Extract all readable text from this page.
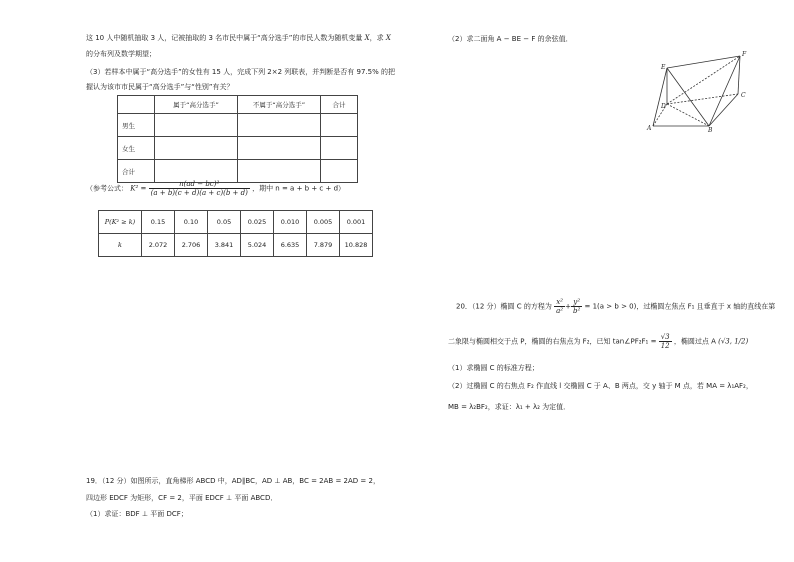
这 10 人中随机抽取 3 人，记被抽取的 3 名市民中属于“高分选手”的市民人数为随机变量 X，求 X
的分布列及数学期望；
（3）若样本中属于“高分选手”的女性有 15 人，完成下列 2×2 列联表，并判断是否有 97.5% 的把
握认为该市市民属于“高分选手”与“性别”有关？
	属于“高分选手”	不属于“高分选手”	合计
男生			
女生			
合计			
（参考公式： $K^2 = \frac{\text{n(ad − bc)²}}{(a + b)(c + d)(a + c)(b + d)}$ ，期中 n = a + b + c + d）
P(K² ≥ k)	0.15	0.10	0.05	0.025	0.010	0.005	0.001
k	2.072	2.706	3.841	5.024	6.635	7.879	10.828
19．（12 分）如图所示，直角梯形 ABCD 中，AD∥BC，AD ⊥ AB，BC = 2AB = 2AD = 2，
四边形 EDCF 为矩形，CF = 2，平面 EDCF ⊥ 平面 ABCD．
（1）求证：BDF ⊥ 平面 DCF；
（2）求二面角 A − BE − F 的余弦值．
E
F
C
D
A	B
20．（12 分）椭圆 C 的方程为 $\frac{\text{x²}}{\text{a²}} + \frac{\text{y²}}{\text{b²}} = 1(a > b > 0)$，过椭圆左焦点 F₁ 且垂直于 x 轴的直线在第
二象限与椭圆相交于点 P，椭圆的右焦点为 F₂，已知 tan∠PF₂F₁ = $\frac{√3}{12}$ ，椭圆过点 A (√3, 1/2)
（1）求椭圆 C 的标准方程；
（2）过椭圆 C 的右焦点 F₂ 作直线 l 交椭圆 C 于 A、B 两点，交 y 轴于 M 点，若 MA = λ₁AF₂，
MB = λ₂BF₂，求证：λ₁ + λ₂ 为定值．
